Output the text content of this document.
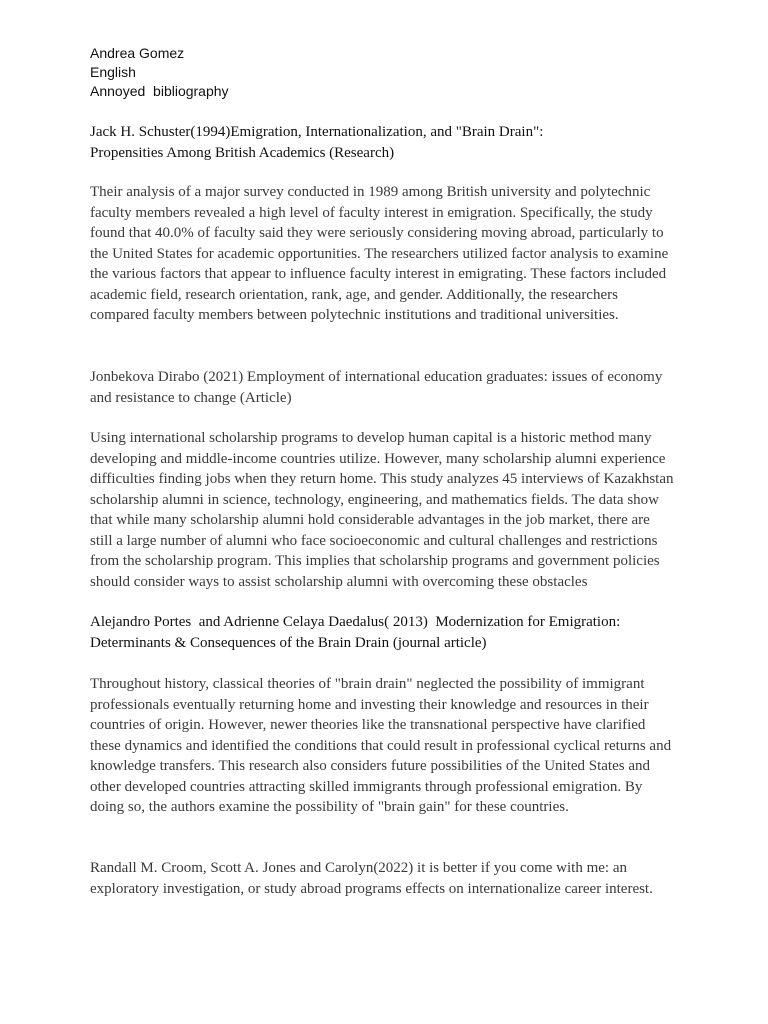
Andrea Gomez
English
Annoyed  bibliography
Jack H. Schuster(1994)Emigration, Internationalization, and "Brain Drain":
Propensities Among British Academics (Research)
Their analysis of a major survey conducted in 1989 among British university and polytechnic
faculty members revealed a high level of faculty interest in emigration. Specifically, the study
found that 40.0% of faculty said they were seriously considering moving abroad, particularly to
the United States for academic opportunities. The researchers utilized factor analysis to examine
the various factors that appear to influence faculty interest in emigrating. These factors included
academic field, research orientation, rank, age, and gender. Additionally, the researchers
compared faculty members between polytechnic institutions and traditional universities.
Jonbekova Dirabo (2021) Employment of international education graduates: issues of economy
and resistance to change (Article)
Using international scholarship programs to develop human capital is a historic method many
developing and middle-income countries utilize. However, many scholarship alumni experience
difficulties finding jobs when they return home. This study analyzes 45 interviews of Kazakhstan
scholarship alumni in science, technology, engineering, and mathematics fields. The data show
that while many scholarship alumni hold considerable advantages in the job market, there are
still a large number of alumni who face socioeconomic and cultural challenges and restrictions
from the scholarship program. This implies that scholarship programs and government policies
should consider ways to assist scholarship alumni with overcoming these obstacles
Alejandro Portes  and Adrienne Celaya Daedalus( 2013)  Modernization for Emigration:
Determinants & Consequences of the Brain Drain (journal article)
Throughout history, classical theories of "brain drain" neglected the possibility of immigrant
professionals eventually returning home and investing their knowledge and resources in their
countries of origin. However, newer theories like the transnational perspective have clarified
these dynamics and identified the conditions that could result in professional cyclical returns and
knowledge transfers. This research also considers future possibilities of the United States and
other developed countries attracting skilled immigrants through professional emigration. By
doing so, the authors examine the possibility of "brain gain" for these countries.
Randall M. Croom, Scott A. Jones and Carolyn(2022) it is better if you come with me: an
exploratory investigation, or study abroad programs effects on internationalize career interest.
